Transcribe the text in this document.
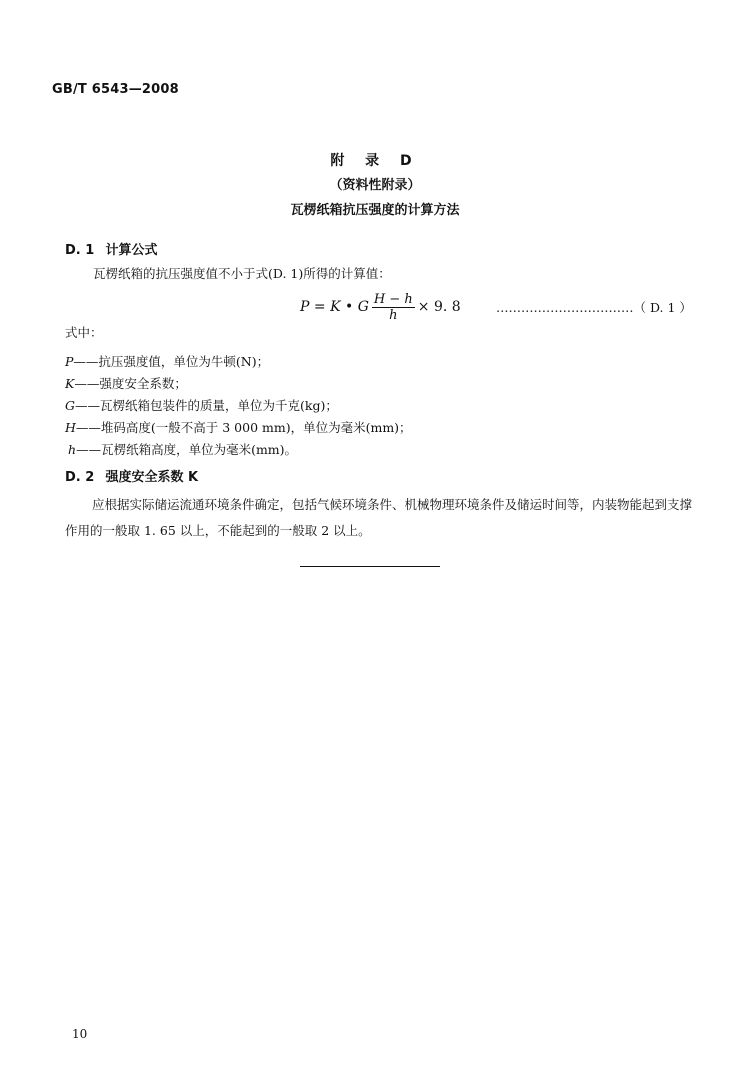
GB/T 6543—2008
附 录 D
（资料性附录）
瓦楞纸箱抗压强度的计算方法
D. 1 计算公式
瓦楞纸箱的抗压强度值不小于式(D. 1)所得的计算值：
P = K • G $\frac{H - h}{h} \times 9$. 8	……………………………（ D. 1 ）
式中：
P——抗压强度值，单位为牛顿(N)；
K——强度安全系数；
G——瓦楞纸箱包装件的质量，单位为千克(kg)；
H——堆码高度(一般不高于 3 000 mm)，单位为毫米(mm)；
h——瓦楞纸箱高度，单位为毫米(mm)。
D. 2 强度安全系数 K
应根据实际储运流通环境条件确定，包括气候环境条件、机械物理环境条件及储运时间等，内装物能起到支撑作用的一般取 1. 65 以上，不能起到的一般取 2 以上。
10
